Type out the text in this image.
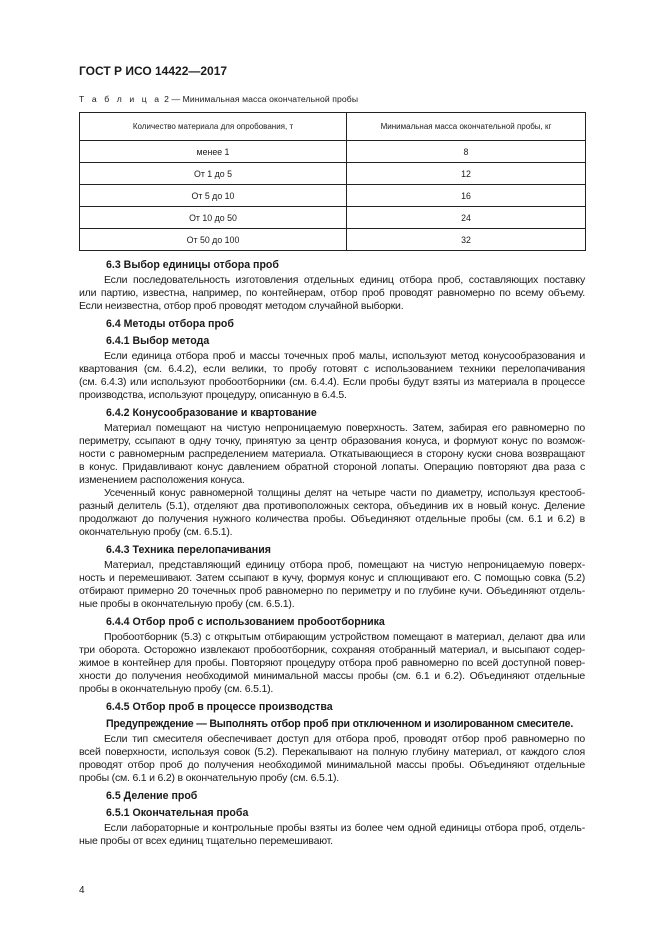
ГОСТ Р ИСО 14422—2017
Т а б л и ц а 2 — Минимальная масса окончательной пробы
Количество материала для опробования, т	Минимальная масса окончательной пробы, кг
менее 1	8
От 1 до 5	12
От 5 до 10	16
От 10 до 50	24
От 50 до 100	32
6.3 Выбор единицы отбора проб
Если последовательность изготовления отдельных единиц отбора проб, составляющих поставку
или партию, известна, например, по контейнерам, отбор проб проводят равномерно по всему объему.
Если неизвестна, отбор проб проводят методом случайной выборки.
6.4 Методы отбора проб
6.4.1 Выбор метода
Если единица отбора проб и массы точечных проб малы, используют метод конусообразования и
квартования (см. 6.4.2), если велики, то пробу готовят с использованием техники перелопачивания
(см. 6.4.3) или используют пробоотборники (см. 6.4.4). Если пробы будут взяты из материала в процессе
производства, используют процедуру, описанную в 6.4.5.
6.4.2 Конусообразование и квартование
Материал помещают на чистую непроницаемую поверхность. Затем, забирая его равномерно по
периметру, ссыпают в одну точку, принятую за центр образования конуса, и формуют конус по возмож-
ности с равномерным распределением материала. Откатывающиеся в сторону куски снова возвращают
в конус. Придавливают конус давлением обратной стороной лопаты. Операцию повторяют два раза с
изменением расположения конуса.
Усеченный конус равномерной толщины делят на четыре части по диаметру, используя крестооб-
разный делитель (5.1), отделяют два противоположных сектора, объединив их в новый конус. Деление
продолжают до получения нужного количества пробы. Объединяют отдельные пробы (см. 6.1 и 6.2) в
окончательную пробу (см. 6.5.1).
6.4.3 Техника перелопачивания
Материал, представляющий единицу отбора проб, помещают на чистую непроницаемую поверх-
ность и перемешивают. Затем ссыпают в кучу, формуя конус и сплющивают его. С помощью совка (5.2)
отбирают примерно 20 точечных проб равномерно по периметру и по глубине кучи. Объединяют отдель-
ные пробы в окончательную пробу (см. 6.5.1).
6.4.4 Отбор проб с использованием пробоотборника
Пробоотборник (5.3) с открытым отбирающим устройством помещают в материал, делают два или
три оборота. Осторожно извлекают пробоотборник, сохраняя отобранный материал, и высыпают содер-
жимое в контейнер для пробы. Повторяют процедуру отбора проб равномерно по всей доступной повер-
хности до получения необходимой минимальной массы пробы (см. 6.1 и 6.2). Объединяют отдельные
пробы в окончательную пробу (см. 6.5.1).
6.4.5 Отбор проб в процессе производства
Предупреждение — Выполнять отбор проб при отключенном и изолированном смесителе.
Если тип смесителя обеспечивает доступ для отбора проб, проводят отбор проб равномерно по
всей поверхности, используя совок (5.2). Перекапывают на полную глубину материал, от каждого слоя
проводят отбор проб до получения необходимой минимальной массы пробы. Объединяют отдельные
пробы (см. 6.1 и 6.2) в окончательную пробу (см. 6.5.1).
6.5 Деление проб
6.5.1 Окончательная проба
Если лабораторные и контрольные пробы взяты из более чем одной единицы отбора проб, отдель-
ные пробы от всех единиц тщательно перемешивают.
4
